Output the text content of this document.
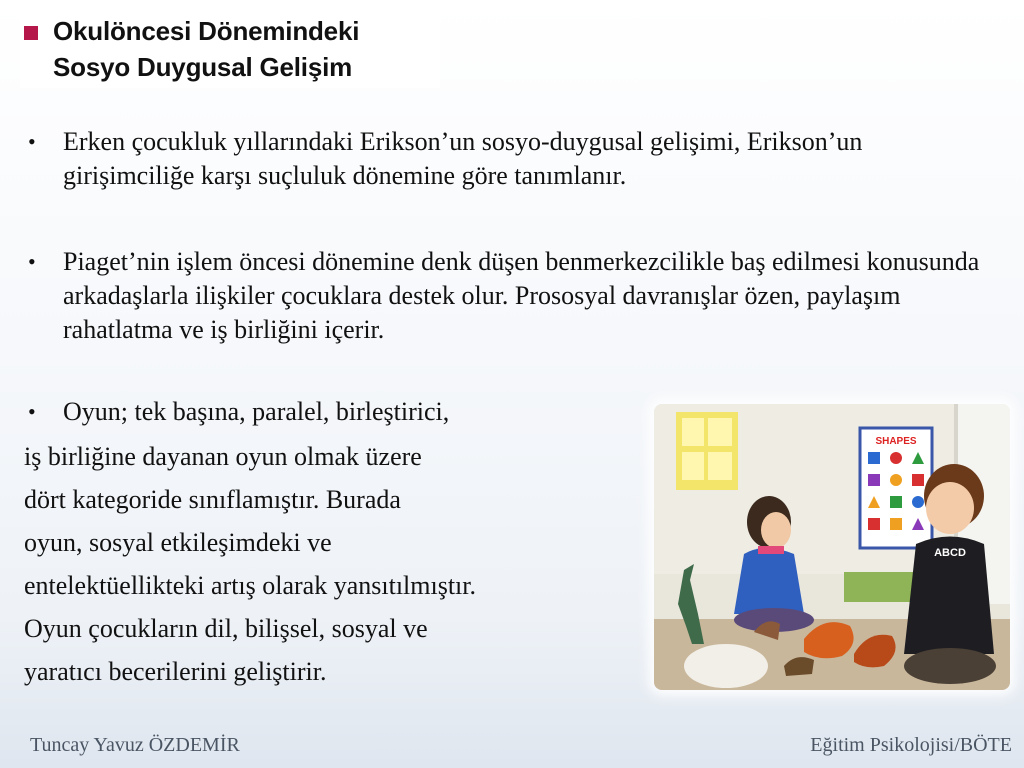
Okulöncesi Dönemindeki
Sosyo Duygusal Gelişim
•	Erken çocukluk yıllarındaki Erikson’un sosyo-duygusal gelişimi, Erikson’un girişimciliğe karşı suçluluk dönemine göre tanımlanır.
•	Piaget’nin işlem öncesi dönemine denk düşen benmerkezcilikle baş edilmesi konusunda arkadaşlarla ilişkiler çocuklara destek olur. Prososyal davranışlar özen, paylaşım rahatlatma ve iş birliğini içerir.
•	Oyun; tek başına, paralel, birleştirici,
iş birliğine dayanan oyun olmak üzere
dört kategoride sınıflamıştır. Burada
oyun, sosyal etkileşimdeki ve
entelektüellikteki artış olarak yansıtılmıştır.
Oyun çocukların dil, bilişsel, sosyal ve
yaratıcı becerilerini geliştirir.
SHAPES
ABCD
Tuncay Yavuz ÖZDEMİR	Eğitim Psikolojisi/BÖTE
